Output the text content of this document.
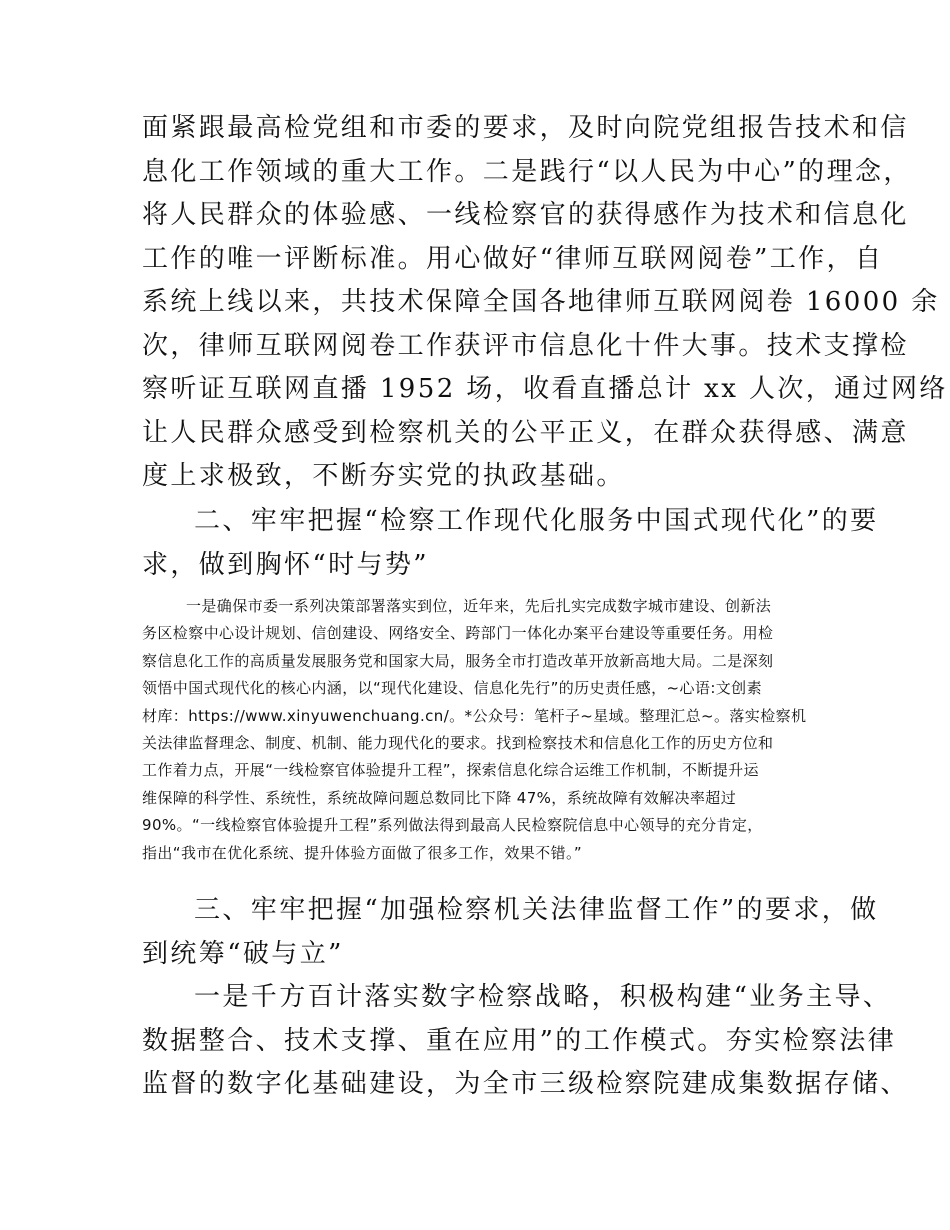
面紧跟最高检党组和市委的要求，及时向院党组报告技术和信
息化工作领域的重大工作。二是践行“以人民为中心”的理念，
将人民群众的体验感、一线检察官的获得感作为技术和信息化
工作的唯一评断标准。用心做好“律师互联网阅卷”工作，自
系统上线以来，共技术保障全国各地律师互联网阅卷 16000 余
次，律师互联网阅卷工作获评市信息化十件大事。技术支撑检
察听证互联网直播 1952 场，收看直播总计 xx 人次，通过网络
让人民群众感受到检察机关的公平正义，在群众获得感、满意
度上求极致，不断夯实党的执政基础。
二、牢牢把握“检察工作现代化服务中国式现代化”的要
求，做到胸怀“时与势”
一是确保市委一系列决策部署落实到位，近年来，先后扎实完成数字城市建设、创新法
务区检察中心设计规划、信创建设、网络安全、跨部门一体化办案平台建设等重要任务。用检
察信息化工作的高质量发展服务党和国家大局，服务全市打造改革开放新高地大局。二是深刻
领悟中国式现代化的核心内涵，以“现代化建设、信息化先行”的历史责任感，~心语:文创素
材库：https://www.xinyuwenchuang.cn/。*公众号：笔杆子~星域。整理汇总~。落实检察机
关法律监督理念、制度、机制、能力现代化的要求。找到检察技术和信息化工作的历史方位和
工作着力点，开展“一线检察官体验提升工程”，探索信息化综合运维工作机制，不断提升运
维保障的科学性、系统性，系统故障问题总数同比下降 47%，系统故障有效解决率超过
90%。“一线检察官体验提升工程”系列做法得到最高人民检察院信息中心领导的充分肯定，
指出“我市在优化系统、提升体验方面做了很多工作，效果不错。”
三、牢牢把握“加强检察机关法律监督工作”的要求，做
到统筹“破与立”
一是千方百计落实数字检察战略，积极构建“业务主导、
数据整合、技术支撑、重在应用”的工作模式。夯实检察法律
监督的数字化基础建设，为全市三级检察院建成集数据存储、
